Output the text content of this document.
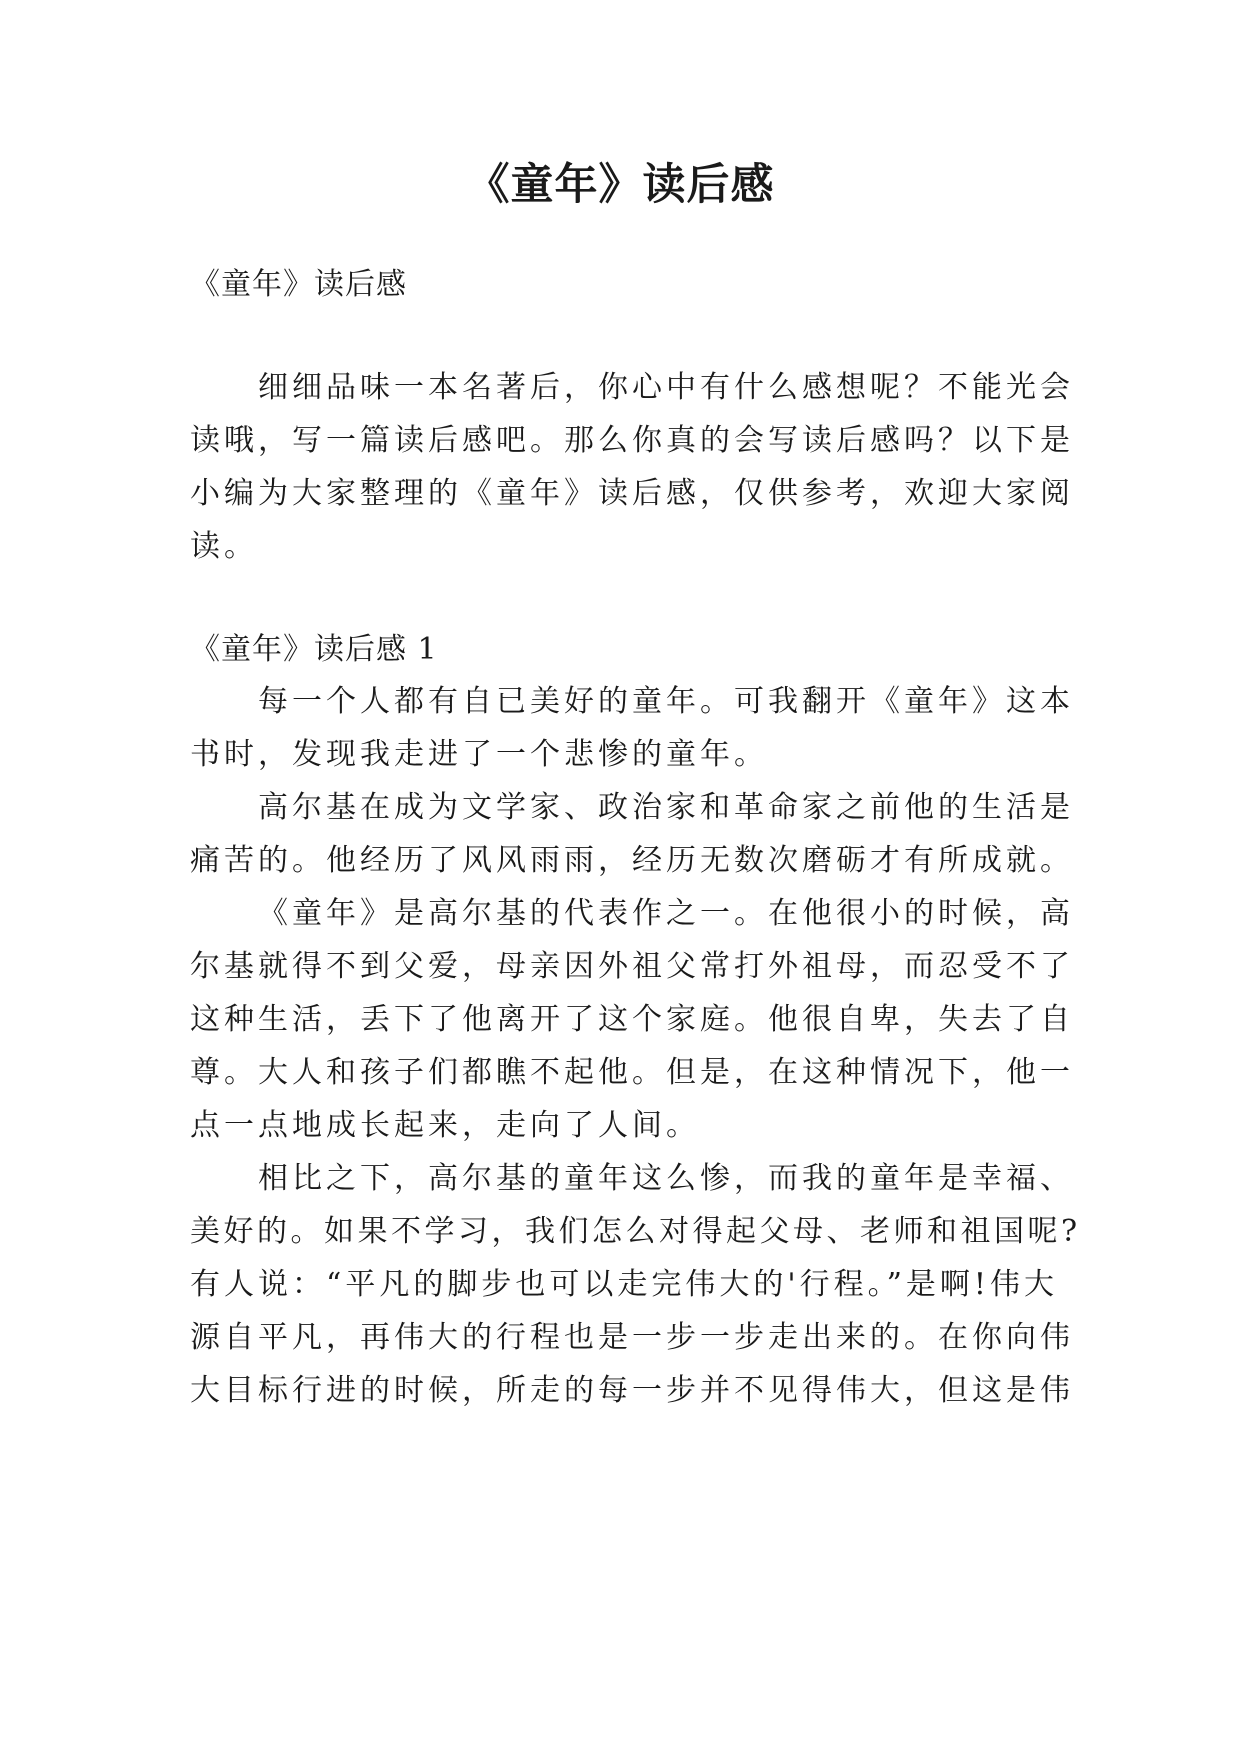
《童年》读后感
《童年》读后感
细细品味一本名著后，你心中有什么感想呢？不能光会
读哦，写一篇读后感吧。那么你真的会写读后感吗？以下是
小编为大家整理的《童年》读后感，仅供参考，欢迎大家阅
读。
《童年》读后感 1
每一个人都有自已美好的童年。可我翻开《童年》这本
书时，发现我走进了一个悲惨的童年。
高尔基在成为文学家、政治家和革命家之前他的生活是
痛苦的。他经历了风风雨雨，经历无数次磨砺才有所成就。
《童年》是高尔基的代表作之一。在他很小的时候，高
尔基就得不到父爱，母亲因外祖父常打外祖母，而忍受不了
这种生活，丢下了他离开了这个家庭。他很自卑，失去了自
尊。大人和孩子们都瞧不起他。但是，在这种情况下，他一
点一点地成长起来，走向了人间。
相比之下，高尔基的童年这么惨，而我的童年是幸福、
美好的。如果不学习，我们怎么对得起父母、老师和祖国呢?
有人说：“平凡的脚步也可以走完伟大的'行程。”是啊!伟大
源自平凡，再伟大的行程也是一步一步走出来的。在你向伟
大目标行进的时候，所走的每一步并不见得伟大，但这是伟
